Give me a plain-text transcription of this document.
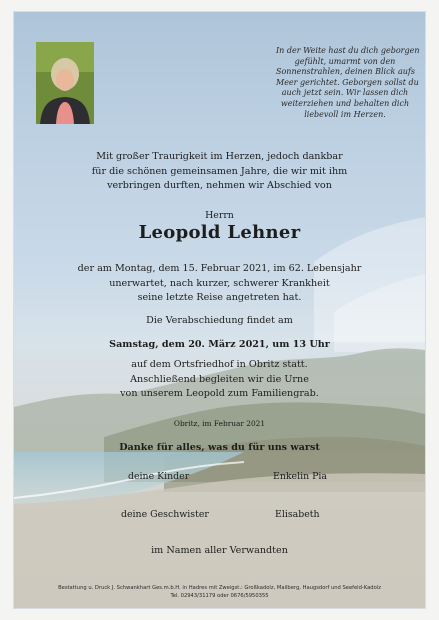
In der Weite hast du dich geborgen
gefühlt, umarmt von den
Sonnenstrahlen, deinen Blick aufs
Meer gerichtet. Geborgen sollst du
auch jetzt sein. Wir lassen dich
weiterziehen und behalten dich
liebevoll im Herzen.
Mit großer Traurigkeit im Herzen, jedoch dankbar
für die schönen gemeinsamen Jahre, die wir mit ihm
verbringen durften, nehmen wir Abschied von
Herrn
Leopold Lehner
der am Montag, dem 15. Februar 2021, im 62. Lebensjahr
unerwartet, nach kurzer, schwerer Krankheit
seine letzte Reise angetreten hat.
Die Verabschiedung findet am
Samstag, dem 20. März 2021, um 13 Uhr
auf dem Ortsfriedhof in Obritz statt.
Anschließend begleiten wir die Urne
von unserem Leopold zum Familiengrab.
Obritz, im Februar 2021
Danke für alles, was du für uns warst
deine Kinder	Enkelin Pia
deine Geschwister	Elisabeth
im Namen aller Verwandten
Bestattung u. Druck J. Schwankhart Ges.m.b.H. in Hadres mit Zweigst.: Großkadolz, Mailberg, Haugsdorf und Seefeld-Kadolz
Tel. 02943/31179 oder 0676/5950355
